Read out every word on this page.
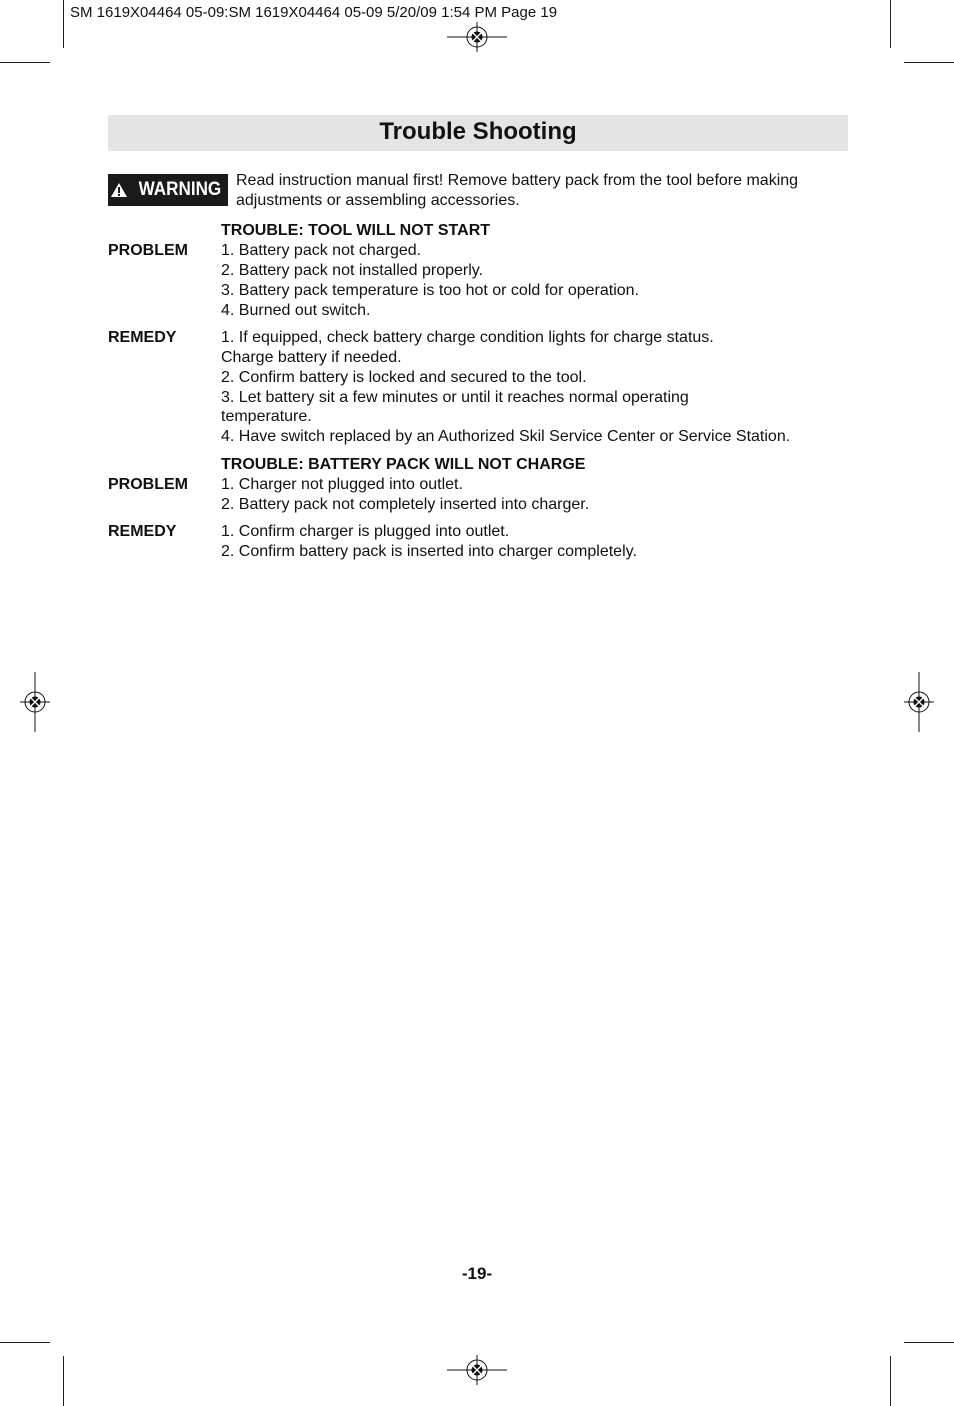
SM 1619X04464 05-09:SM 1619X04464 05-09 5/20/09 1:54 PM Page 19
Trouble Shooting
WARNING Read instruction manual first! Remove battery pack from the tool before making adjustments or assembling accessories.
TROUBLE: TOOL WILL NOT START
PROBLEM 1. Battery pack not charged.
2. Battery pack not installed properly.
3. Battery pack temperature is too hot or cold for operation.
4. Burned out switch.
REMEDY	1. If equipped, check battery charge condition lights for charge status.
Charge battery if needed.
2. Confirm battery is locked and secured to the tool.
3. Let battery sit a few minutes or until it reaches normal operating
temperature.
4. Have switch replaced by an Authorized Skil Service Center or Service Station.
TROUBLE: BATTERY PACK WILL NOT CHARGE
PROBLEM 1. Charger not plugged into outlet.
2. Battery pack not completely inserted into charger.
REMEDY	1. Confirm charger is plugged into outlet.
2. Confirm battery pack is inserted into charger completely.
-19-
